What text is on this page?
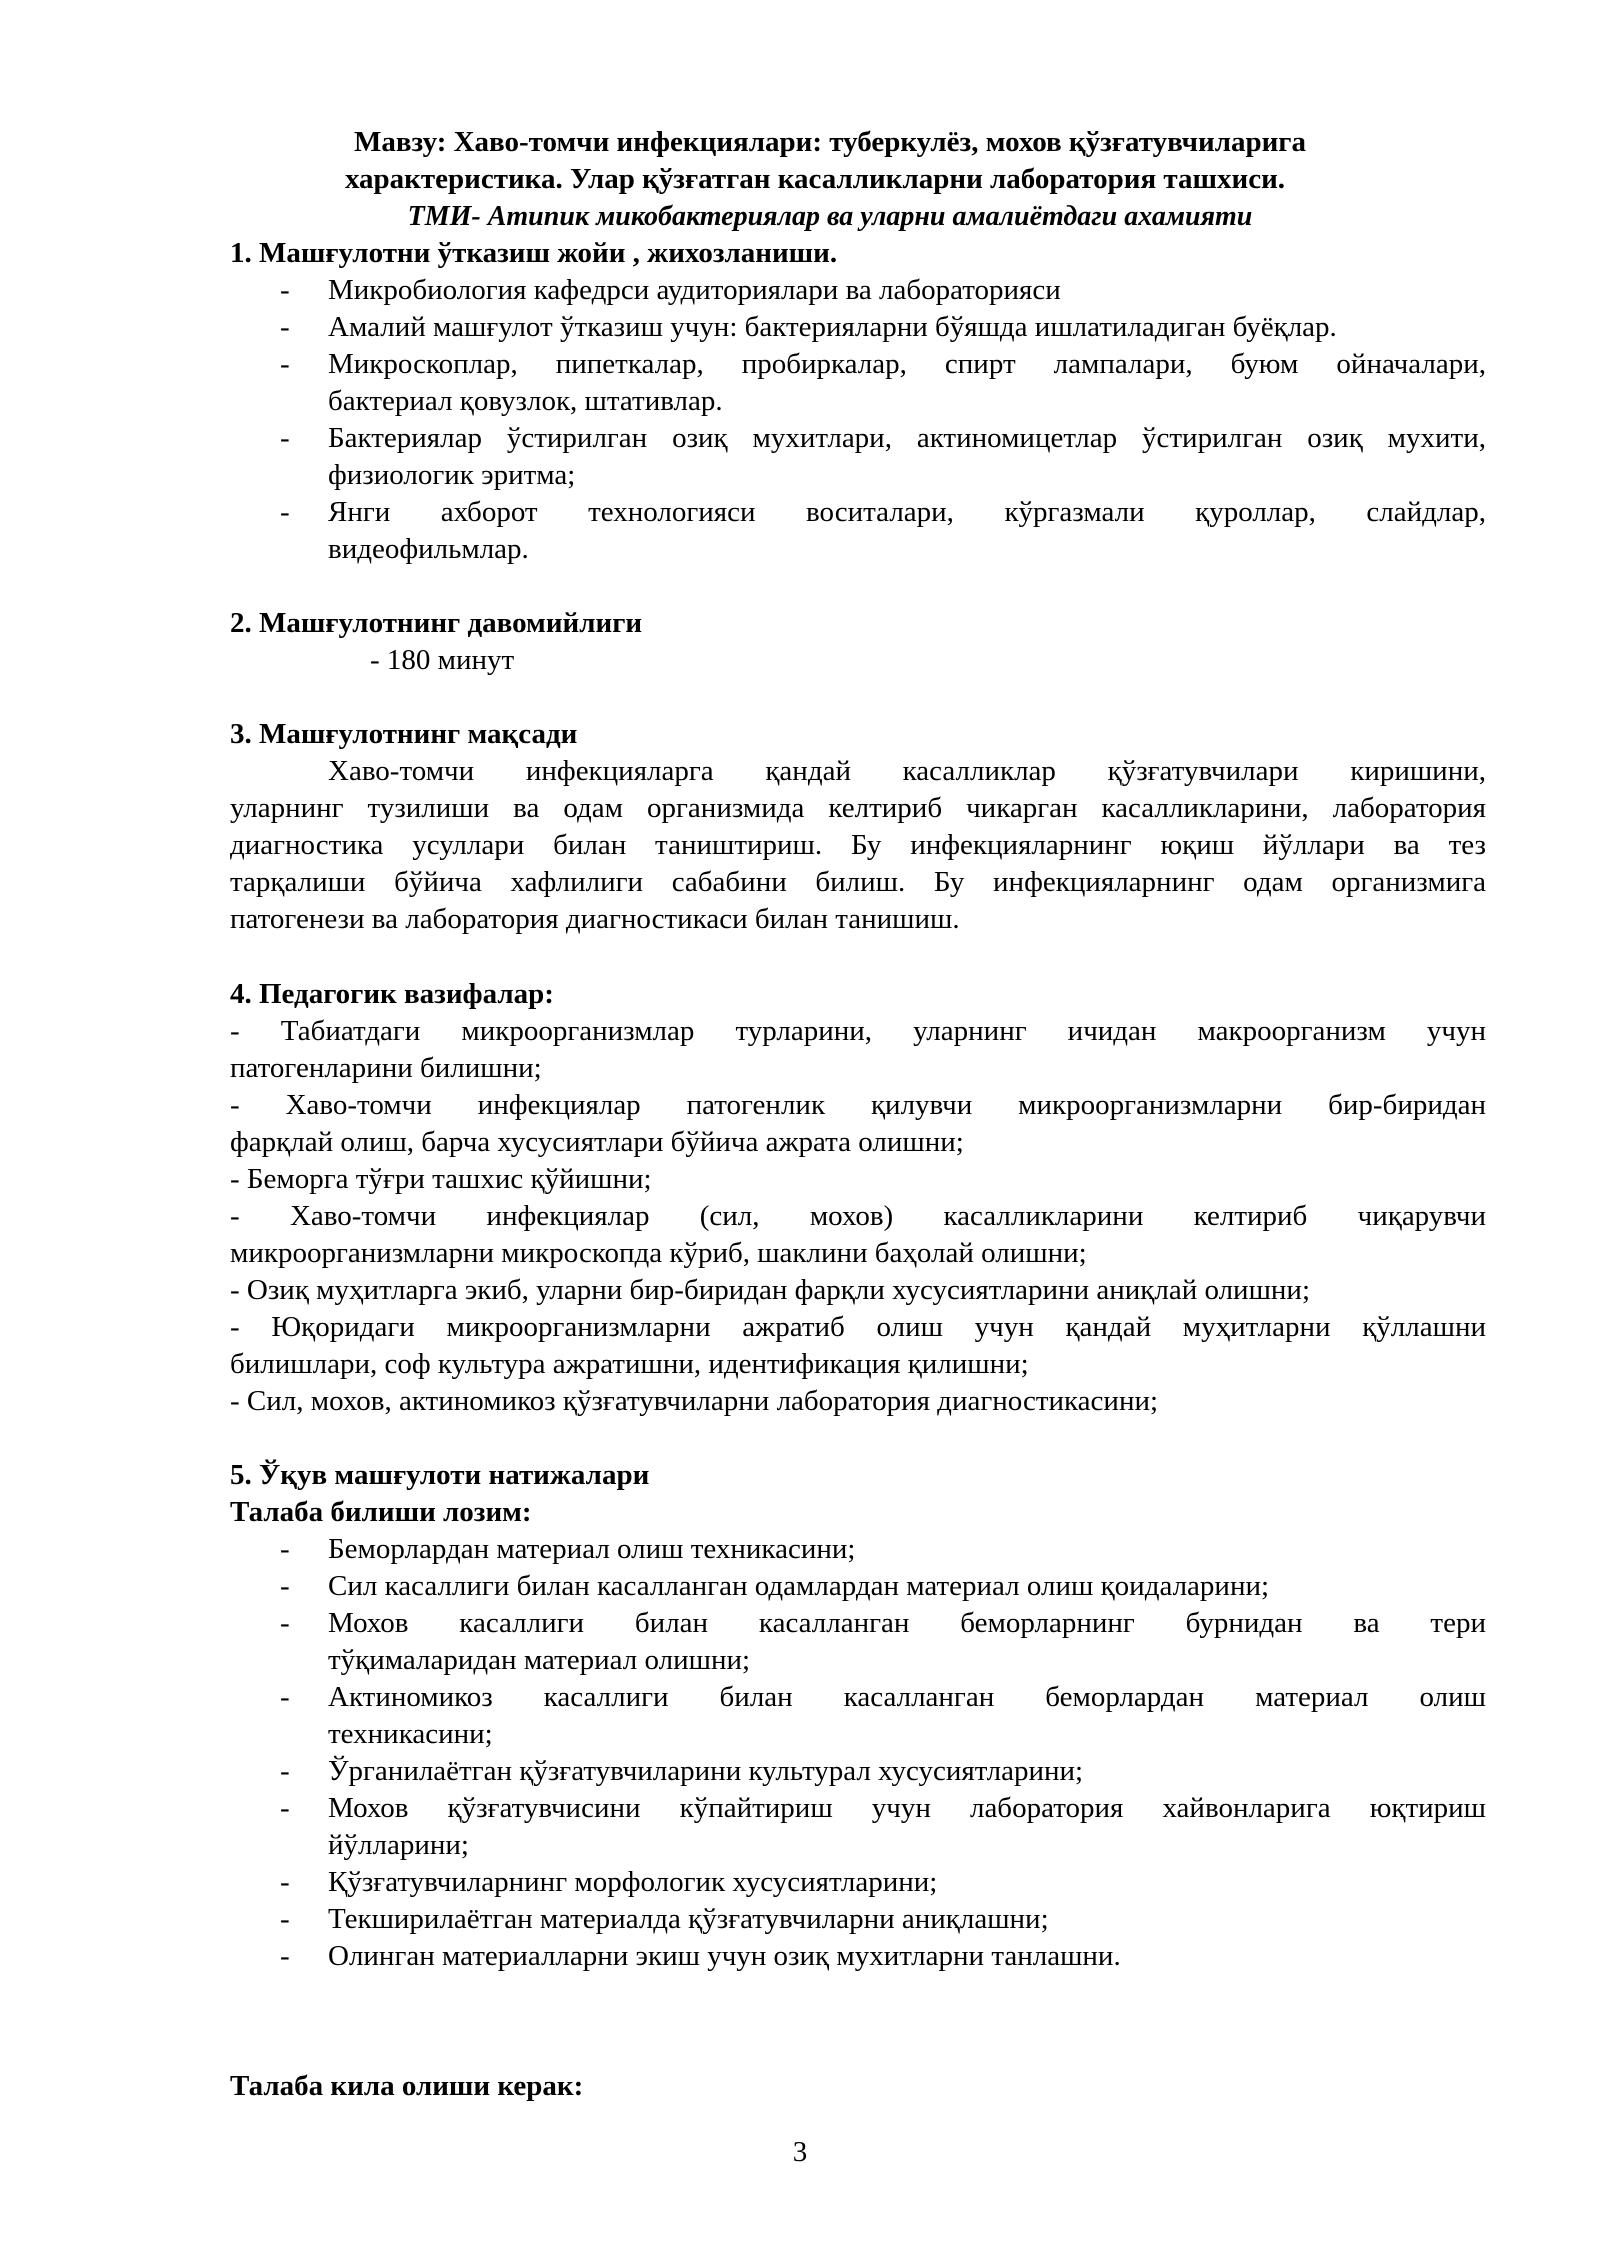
Мавзу: Хаво-томчи инфекциялари: туберкулёз, мохов қўзғатувчиларига
характеристика. Улар қўзғатган касалликларни лаборатория ташхиси.
ТМИ- Атипик микобактериялар ва уларни амалиётдаги ахамияти
1. Машғулотни ўтказиш жойи , жихозланиши.
- Микробиология кафедрси аудиториялари ва лабораторияси
- Амалий машғулот ўтказиш учун: бактерияларни бўяшда ишлатиладиган буёқлар.
- Микроскоплар, пипеткалар, пробиркалар, спирт лампалари, буюм ойначалари,
бактериал қовузлок, штативлар.
- Бактериялар ўстирилган озиқ мухитлари, актиномицетлар ўстирилган озиқ мухити,
физиологик эритма;
- Янги ахборот технологияси воситалари, кўргазмали қуроллар, слайдлар,
видеофильмлар.
2. Машғулотнинг давомийлиги
- 180 минут
3. Машғулотнинг мақсади
Хаво-томчи инфекцияларга қандай касалликлар қўзғатувчилари киришини,
уларнинг тузилиши ва одам организмида келтириб чикарган касалликларини, лаборатория
диагностика усуллари билан таништириш. Бу инфекцияларнинг юқиш йўллари ва тез
тарқалиши бўйича хафлилиги сабабини билиш. Бу инфекцияларнинг одам организмига
патогенези ва лаборатория диагностикаси билан танишиш.
4. Педагогик вазифалар:
- Табиатдаги микроорганизмлар турларини, уларнинг ичидан макроорганизм учун
патогенларини билишни;
- Хаво-томчи инфекциялар патогенлик қилувчи микроорганизмларни бир-биридан
фарқлай олиш, барча хусусиятлари бўйича ажрата олишни;
- Беморга тўғри ташхис қўйишни;
- Хаво-томчи инфекциялар (сил, мохов) касалликларини келтириб чиқарувчи
микроорганизмларни микроскопда кўриб, шаклини баҳолай олишни;
- Озиқ муҳитларга экиб, уларни бир-биридан фарқли хусусиятларини аниқлай олишни;
- Юқоридаги микроорганизмларни ажратиб олиш учун қандай муҳитларни қўллашни
билишлари, соф культура ажратишни, идентификация қилишни;
- Сил, мохов, актиномикоз қўзғатувчиларни лаборатория диагностикасини;
5. Ўқув машғулоти натижалари
Талаба билиши лозим:
- Беморлардан материал олиш техникасини;
- Сил касаллиги билан касалланган одамлардан материал олиш қоидаларини;
- Мохов касаллиги билан касалланган беморларнинг бурнидан ва тери
тўқималаридан материал олишни;
- Актиномикоз касаллиги билан касалланган беморлардан материал олиш
техникасини;
- Ўрганилаётган қўзғатувчиларини культурал хусусиятларини;
- Мохов қўзғатувчисини кўпайтириш учун лаборатория хайвонларига юқтириш
йўлларини;
- Қўзғатувчиларнинг морфологик хусусиятларини;
- Текширилаётган материалда қўзғатувчиларни аниқлашни;
- Олинган материалларни экиш учун озиқ мухитларни танлашни.
Талаба кила олиши керак:
3
